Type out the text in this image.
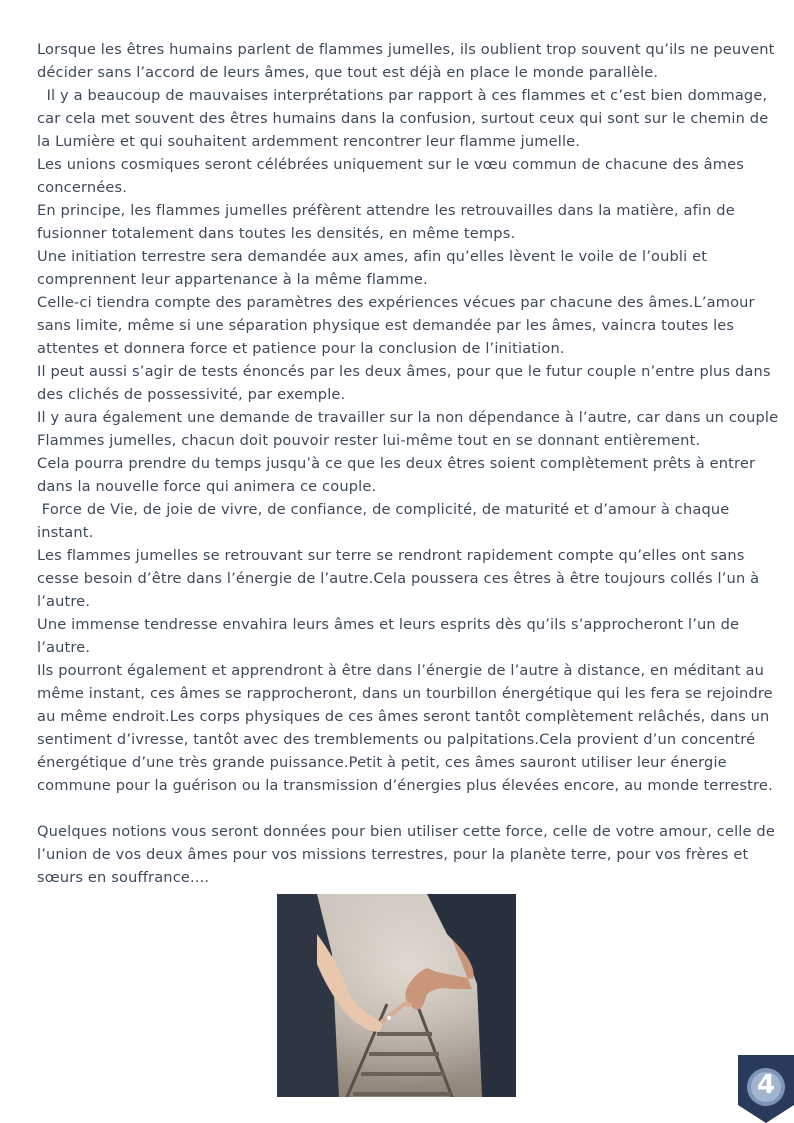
Lorsque les êtres humains parlent de flammes jumelles, ils oublient trop souvent qu’ils ne peuvent décider sans l’accord de leurs âmes, que tout est déjà en place le monde parallèle.

Il y a beaucoup de mauvaises interprétations par rapport à ces flammes et c’est bien dommage, car cela met souvent des êtres humains dans la confusion, surtout ceux qui sont sur le chemin de la Lumière et qui souhaitent ardemment rencontrer leur flamme jumelle.

Les unions cosmiques seront célébrées uniquement sur le vœu commun de chacune des âmes concernées.

En principe, les flammes jumelles préfèrent attendre les retrouvailles dans la matière, afin de fusionner totalement dans toutes les densités, en même temps.

Une initiation terrestre sera demandée aux ames, afin qu’elles lèvent le voile de l’oubli et comprennent leur appartenance à la même flamme.

Celle-ci tiendra compte des paramètres des expériences vécues par chacune des âmes.L’amour sans limite, même si une séparation physique est demandée par les âmes, vaincra toutes les attentes et donnera force et patience pour la conclusion de l’initiation.

Il peut aussi s’agir de tests énoncés par les deux âmes, pour que le futur couple n’entre plus dans des clichés de possessivité, par exemple.

Il y aura également une demande de travailler sur la non dépendance à l’autre, car dans un couple Flammes jumelles, chacun doit pouvoir rester lui-même tout en se donnant entièrement.

Cela pourra prendre du temps jusqu’à ce que les deux êtres soient complètement prêts à entrer dans la nouvelle force qui animera ce couple.

Force de Vie, de joie de vivre, de confiance, de complicité, de maturité et d’amour à chaque instant.

Les flammes jumelles se retrouvant sur terre se rendront rapidement compte qu’elles ont sans cesse besoin d’être dans l’énergie de l’autre.Cela poussera ces êtres à être toujours collés l’un à l’autre.

Une immense tendresse envahira leurs âmes et leurs esprits dès qu’ils s’approcheront l’un de l’autre.

Ils pourront également et apprendront à être dans l’énergie de l’autre à distance, en méditant au même instant, ces âmes se rapprocheront, dans un tourbillon énergétique qui les fera se rejoindre au même endroit.Les corps physiques de ces âmes seront tantôt complètement relâchés, dans un sentiment d’ivresse, tantôt avec des tremblements ou palpitations.Cela provient d’un concentré énergétique d’une très grande puissance.Petit à petit, ces âmes sauront utiliser leur énergie commune pour la guérison ou la transmission d’énergies plus élevées encore, au monde terrestre.

Quelques notions vous seront données pour bien utiliser cette force, celle de votre amour, celle de l’union de vos deux âmes pour vos missions terrestres, pour la planète terre, pour vos frères et sœurs en souffrance....

4
